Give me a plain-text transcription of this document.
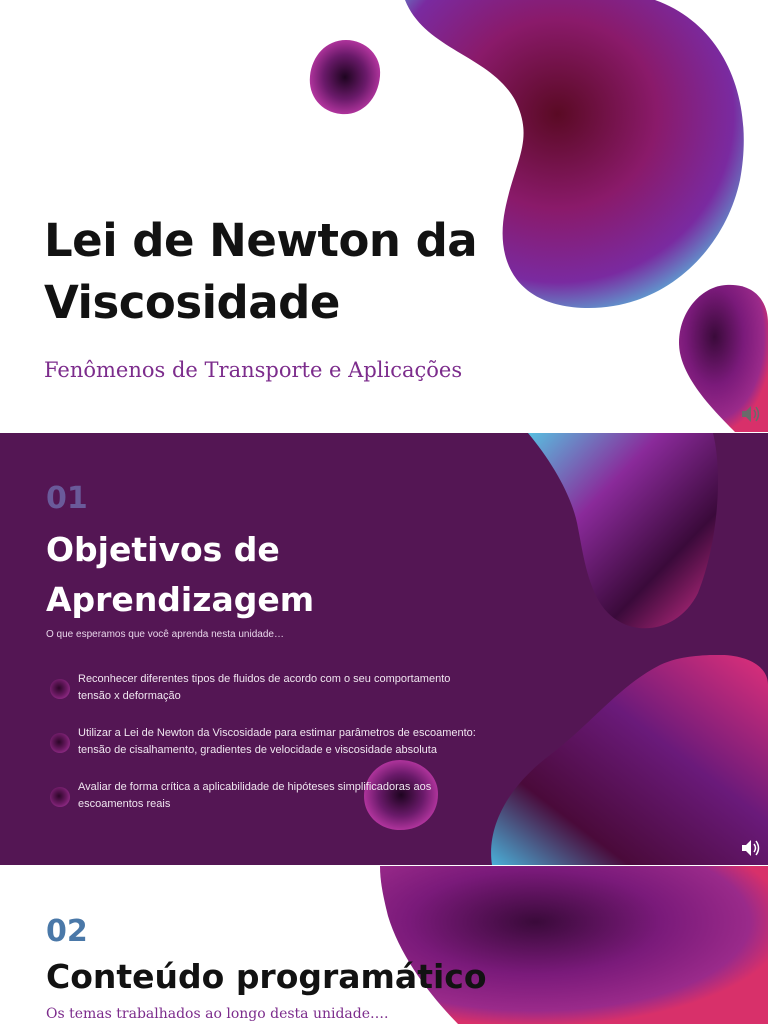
Lei de Newton da
Viscosidade
Fenômenos de Transporte e Aplicações
01
Objetivos de
Aprendizagem
O que esperamos que você aprenda nesta unidade…
Reconhecer diferentes tipos de fluidos de acordo com o seu comportamento
tensão x deformação
Utilizar a Lei de Newton da Viscosidade para estimar parâmetros de escoamento:
tensão de cisalhamento, gradientes de velocidade e viscosidade absoluta
Avaliar de forma crítica a aplicabilidade de hipóteses simplificadoras aos
escoamentos reais
02
Conteúdo programático
Os temas trabalhados ao longo desta unidade….
